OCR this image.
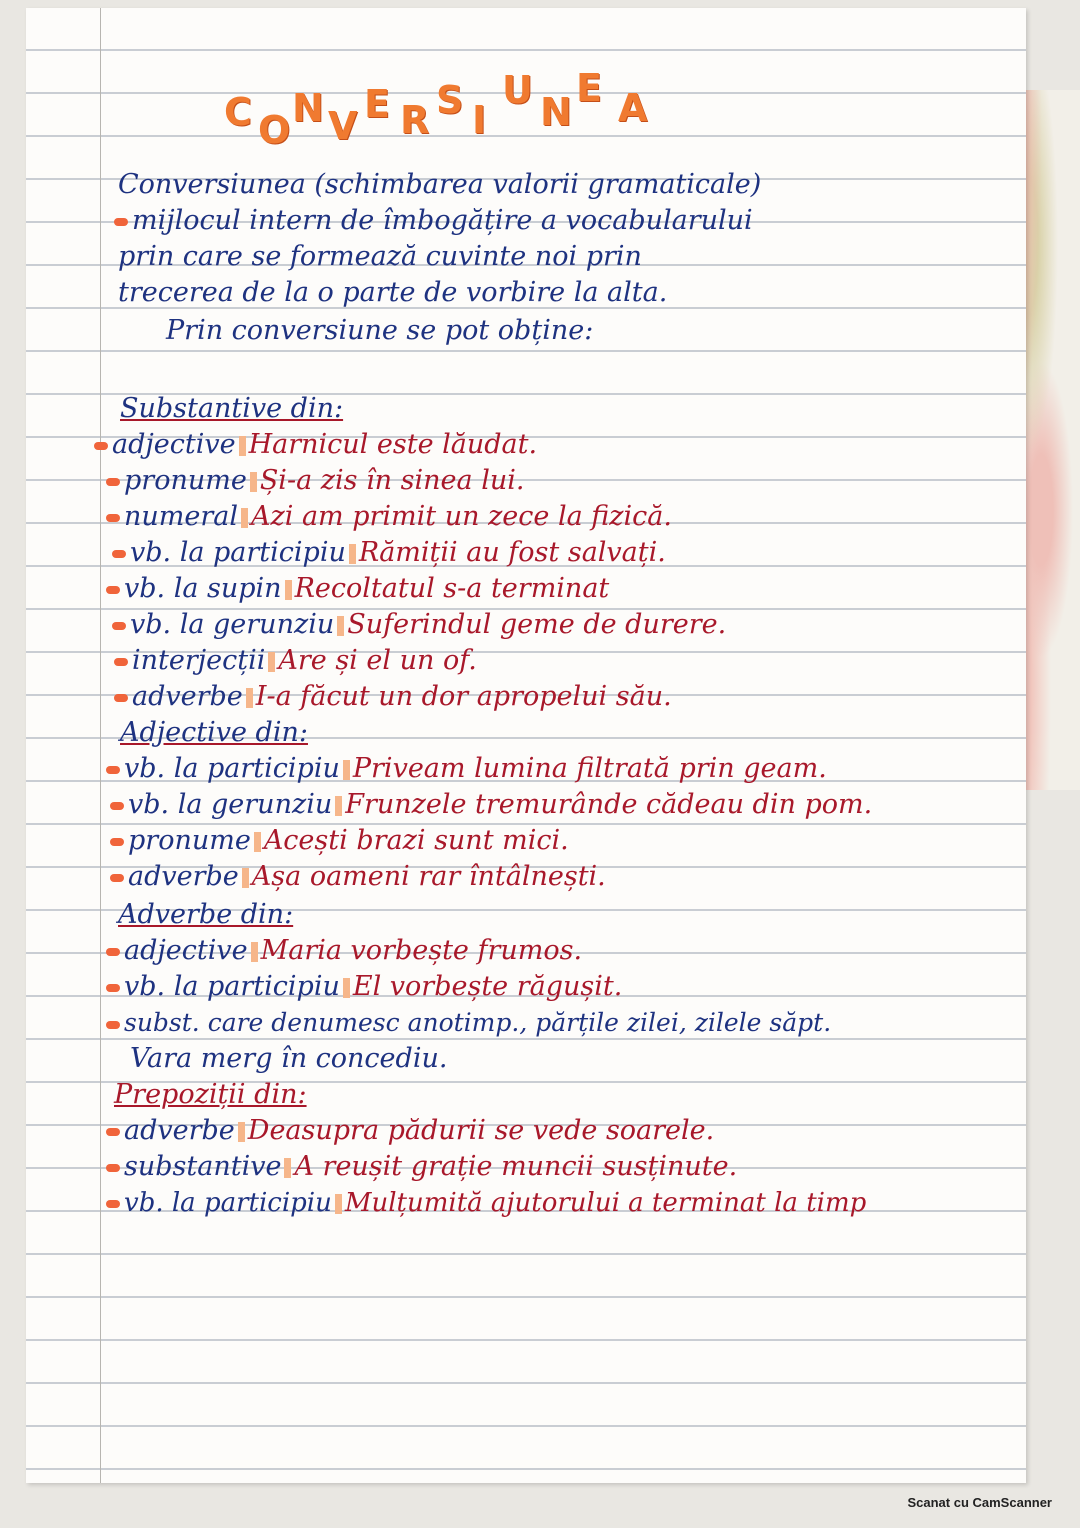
C O N V E R S I
U N
E A
Conversiunea (schimbarea valorii gramaticale)
mijlocul intern de îmbogățire a vocabularului
prin care se formează cuvinte noi prin
trecerea de la o parte de vorbire la alta.
Prin conversiune se pot obține:
Substantive din:
adjective Harnicul este lăudat.
pronume Și-a zis în sinea lui.
numeral Azi am primit un zece la fizică.
vb. la participiu Rămiții au fost salvați.
vb. la supin Recoltatul s-a terminat
vb. la gerunziu Suferindul geme de durere.
interjecții Are și el un of.
adverbe I-a făcut un dor apropelui său.
Adjective din:
vb. la participiu Priveam lumina filtrată prin geam.
vb. la gerunziu Frunzele tremurânde cădeau din pom.
pronume Acești brazi sunt mici.
adverbe Așa oameni rar întâlnești.
Adverbe din:
adjective Maria vorbește frumos.
vb. la participiu El vorbește răgușit.
subst. care denumesc anotimp., părțile zilei, zilele săpt.
Vara merg în concediu.
Prepoziții din:
adverbe Deasupra pădurii se vede soarele.
substantive A reușit grație muncii susținute.
vb. la participiu Mulțumită ajutorului a terminat la timp
Scanat cu CamScanner
